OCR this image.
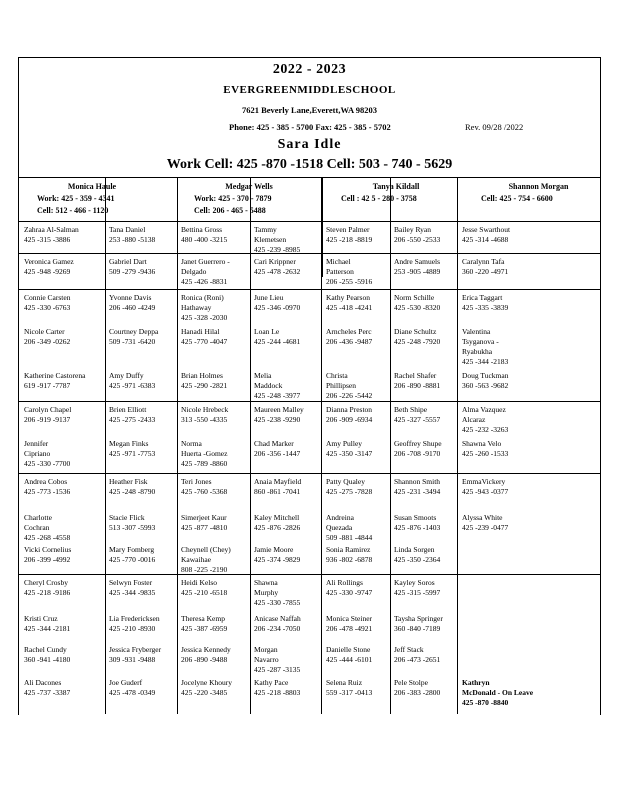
2022 - 2023
EVERGREENMIDDLESCHOOL
7621 Beverly Lane,Everett,WA 98203
Phone: 425 - 385 - 5700 Fax: 425 - 385 - 5702	Rev. 09/28 /2022
Sara Idle
Work Cell: 425 -870 -1518 Cell: 503 - 740 - 5629
Monica Haule
Work: 425 - 359 - 4341
Cell: 512 - 466 - 1120
Medgar Wells
Work: 425 - 370 - 7879
Cell: 206 - 465 - 5488
Tanya Kildall
Cell : 42 5 - 280 - 3758
Shannon Morgan
Cell: 425 - 754 - 6600
Zahraa Al-Salman
425 -315 -3886
Veronica Gamez
425 -948 -9269
Connie Carsten
425 -330 -6763
Nicole Carter
206 -349 -0262
Katherine Castorena
619 -917 -7787
Carolyn Chapel
206 -919 -9137
Jennifer
Cipriano
425 -330 -7700
Andrea Cobos
425 -773 -1536
Charlotte
Cochran
425 -268 -4558
Vicki Cornelius
206 -399 -4992
Cheryl Crosby
425 -218 -9186
Kristi Cruz
425 -344 -2181
Rachel Cundy
360 -941 -4180
Ali Dacones
425 -737 -3387
Tana Daniel
253 -880 -5138
Gabriel Dart
509 -279 -9436
Yvonne Davis
206 -460 -4249
Courtney Deppa
509 -731 -6420
Amy Duffy
425 -971 -6383
Brien Elliott
425 -275 -2433
Megan Finks
425 -971 -7753
Heather Fisk
425 -248 -8790
Stacie Flick
513 -307 -5993
Mary Fomberg
425 -770 -0016
Selwyn Foster
425 -344 -9835
Lia Fredericksen
425 -210 -8930
Jessica Fryberger
309 -931 -9488
Joe Guderf
425 -478 -0349
Bettina Gross
480 -400 -3215
Janet Guerrero -
Delgado
425 -426 -8831
Ronica (Roni)
Hathaway
425 -328 -2030
Hanadi Hilal
425 -770 -4047
Brian Holmes
425 -290 -2821
Nicole Hrebeck
313 -550 -4335
Norma
Huerta -Gomez
425 -789 -8860
Teri Jones
425 -760 -5368
Simerjeet Kaur
425 -877 -4810
Cheynell (Chey)
Kawaihae
808 -225 -2190
Heidi Kelso
425 -210 -6518
Theresa Kemp
425 -387 -6959
Jessica Kennedy
206 -890 -9488
Jocelyne Khoury
425 -220 -3485
Tammy
Klemetsen
425 -239 -8985
Cari Krippner
425 -478 -2632
June Lieu
425 -346 -0970
Loan Le
425 -244 -4681
Melia
Maddock
425 -248 -3977
Maureen Malley
425 -238 -9290
Chad Marker
206 -356 -1447
Anaia Mayfield
860 -861 -7041
Kaley Mitchell
425 -876 -2826
Jamie Moore
425 -374 -9829
Shawna
Murphy
425 -330 -7855
Anicase Naffah
206 -234 -7050
Morgan
Navarro
425 -287 -3135
Kathy Pace
425 -218 -8803
Steven Palmer
425 -218 -8819
Michael
Patterson
206 -255 -5916
Kathy Pearson
425 -418 -4241
Arncheles Perc
206 -436 -9487
Christa
Phillipsen
206 -226 -5442
Dianna Preston
206 -909 -6934
Amy Pulley
425 -350 -3147
Patty Qualey
425 -275 -7828
Andreina
Quezada
509 -881 -4844
Sonia Ramirez
936 -802 -6878
Ali Rollings
425 -330 -9747
Monica Steiner
206 -478 -4921
Danielle Stone
425 -444 -6101
Selena Ruiz
559 -317 -0413
Bailey Ryan
206 -550 -2533
Andre Samuels
253 -905 -4889
Norm Schille
425 -530 -8320
Diane Schultz
425 -248 -7920
Rachel Shafer
206 -890 -8881
Beth Shipe
425 -327 -5557
Geoffrey Shupe
206 -708 -9170
Shannon Smith
425 -231 -3494
Susan Smoots
425 -876 -1403
Linda Sorgen
425 -350 -2364
Kayley Soros
425 -315 -5997
Taysha Springer
360 -840 -7189
Jeff Stack
206 -473 -2651
Pele Stolpe
206 -383 -2800
Jesse Swarthout
425 -314 -4688
Caralynn Tafa
360 -220 -4971
Erica Taggart
425 -335 -3839
Valentina
Tsyganova -
Ryabukha
425 -344 -2183
Doug Tuckman
360 -563 -9682
Alma Vazquez
Alcaraz
425 -232 -3263
Shawna Velo
425 -260 -1533
EmmaVickery
425 -943 -0377
Alyssa White
425 -239 -0477
Kathryn
McDonald - On Leave
425 -870 -8840
